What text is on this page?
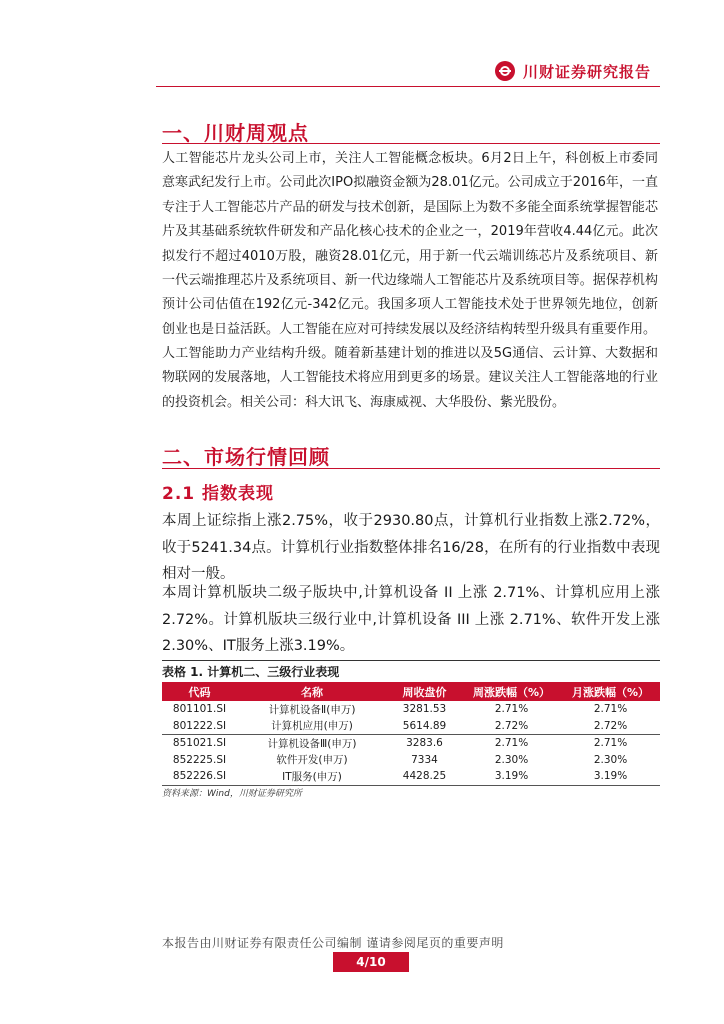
川财证券研究报告
一、川财周观点

人工智能芯片龙头公司上市，关注人工智能概念板块。6月2日上午，科创板上市委同意寒武纪发行上市。公司此次IPO拟融资金额为28.01亿元。公司成立于2016年，一直专注于人工智能芯片产品的研发与技术创新，是国际上为数不多能全面系统掌握智能芯片及其基础系统软件研发和产品化核心技术的企业之一，2019年营收4.44亿元。此次拟发行不超过4010万股，融资28.01亿元，用于新一代云端训练芯片及系统项目、新一代云端推理芯片及系统项目、新一代边缘端人工智能芯片及系统项目等。据保荐机构预计公司估值在192亿元-342亿元。我国多项人工智能技术处于世界领先地位，创新创业也是日益活跃。人工智能在应对可持续发展以及经济结构转型升级具有重要作用。

人工智能助力产业结构升级。随着新基建计划的推进以及5G通信、云计算、大数据和物联网的发展落地，人工智能技术将应用到更多的场景。建议关注人工智能落地的行业的投资机会。相关公司：科大讯飞、海康威视、大华股份、紫光股份。

二、市场行情回顾
2.1 指数表现

本周上证综指上涨2.75%，收于2930.80点，计算机行业指数上涨2.72%，收于5241.34点。计算机行业指数整体排名16/28，在所有的行业指数中表现相对一般。

本周计算机版块二级子版块中,计算机设备 II 上涨 2.71%、计算机应用上涨2.72%。计算机版块三级行业中,计算机设备 III 上涨 2.71%、软件开发上涨2.30%、IT服务上涨3.19%。

表格 1. 计算机二、三级行业表现
代码	名称	周收盘价	周涨跌幅（%）	月涨跌幅（%）
801101.SI	计算机设备Ⅱ(申万)	3281.53	2.71%	2.71%
801222.SI	计算机应用(申万)	5614.89	2.72%	2.72%
851021.SI	计算机设备Ⅲ(申万)	3283.6	2.71%	2.71%
852225.SI	软件开发(申万)	7334	2.30%	2.30%
852226.SI	IT服务(申万)	4428.25	3.19%	3.19%
资料来源：Wind，川财证券研究所
本报告由川财证券有限责任公司编制 谨请参阅尾页的重要声明
4/10
